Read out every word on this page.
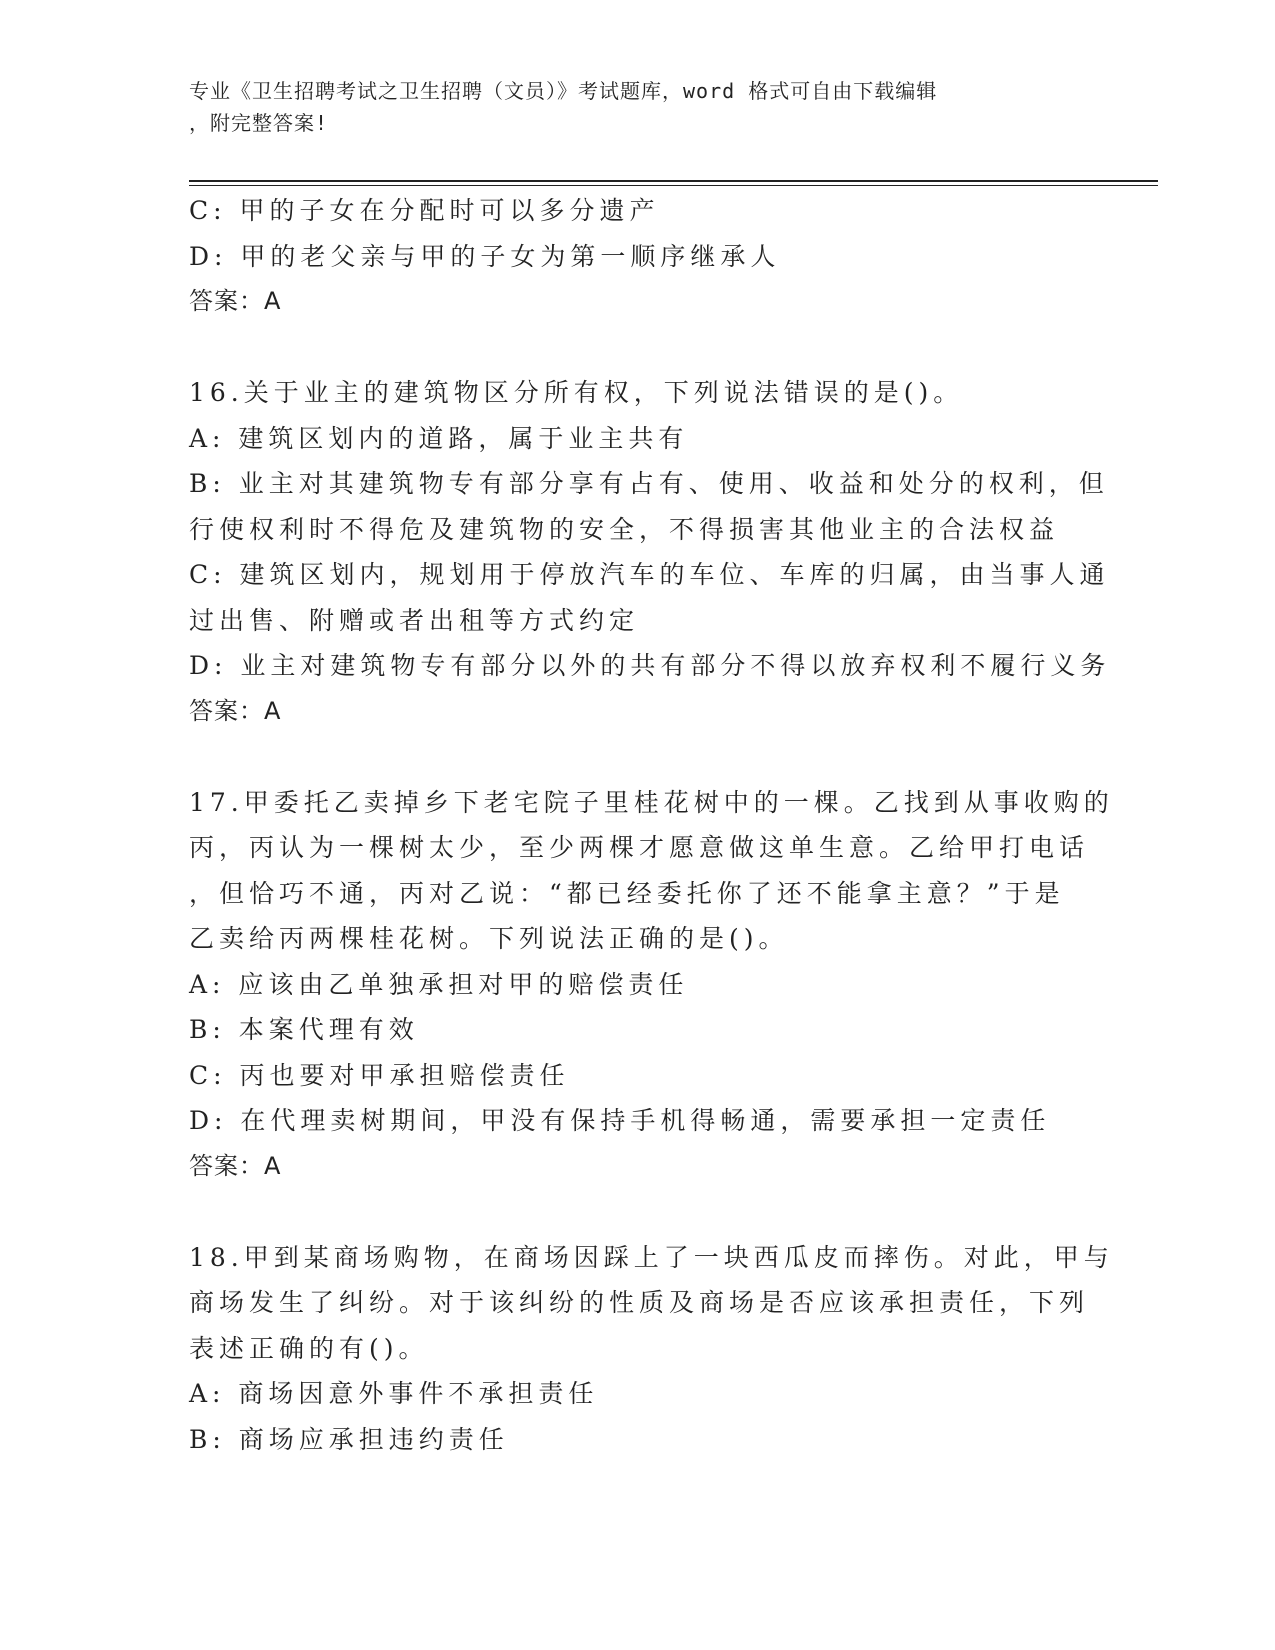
专业《卫生招聘考试之卫生招聘（文员）》考试题库，word 格式可自由下载编辑
，附完整答案!
C: 甲的子女在分配时可以多分遗产
D: 甲的老父亲与甲的子女为第一顺序继承人
答案：A
16.关于业主的建筑物区分所有权，下列说法错误的是()。
A: 建筑区划内的道路，属于业主共有
B: 业主对其建筑物专有部分享有占有、使用、收益和处分的权利，但
行使权利时不得危及建筑物的安全，不得损害其他业主的合法权益
C: 建筑区划内，规划用于停放汽车的车位、车库的归属，由当事人通
过出售、附赠或者出租等方式约定
D: 业主对建筑物专有部分以外的共有部分不得以放弃权利不履行义务
答案：A
17.甲委托乙卖掉乡下老宅院子里桂花树中的一棵。乙找到从事收购的
丙，丙认为一棵树太少，至少两棵才愿意做这单生意。乙给甲打电话
，但恰巧不通，丙对乙说：“都已经委托你了还不能拿主意？”于是
乙卖给丙两棵桂花树。下列说法正确的是()。
A: 应该由乙单独承担对甲的赔偿责任
B: 本案代理有效
C: 丙也要对甲承担赔偿责任
D: 在代理卖树期间，甲没有保持手机得畅通，需要承担一定责任
答案：A
18.甲到某商场购物，在商场因踩上了一块西瓜皮而摔伤。对此，甲与
商场发生了纠纷。对于该纠纷的性质及商场是否应该承担责任，下列
表述正确的有()。
A: 商场因意外事件不承担责任
B: 商场应承担违约责任
